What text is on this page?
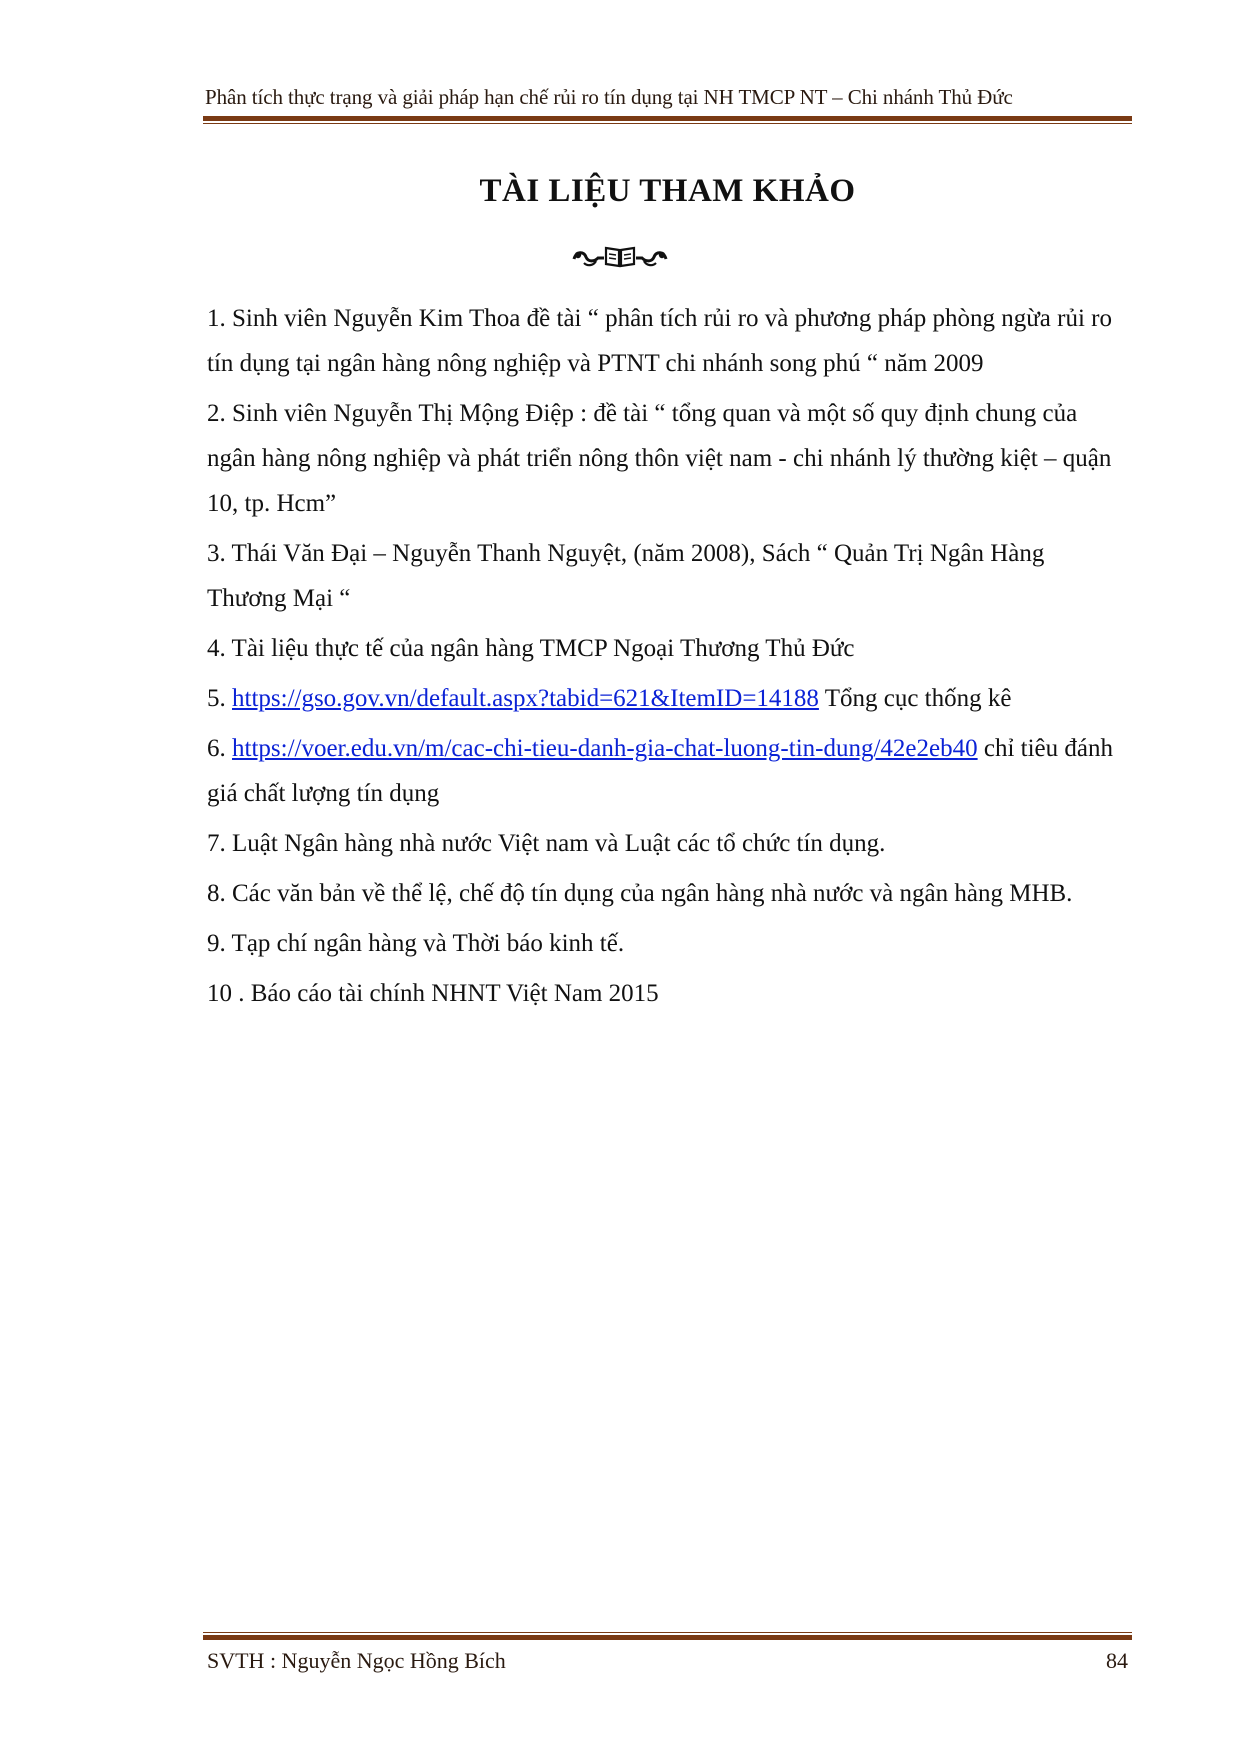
Phân tích thực trạng và giải pháp hạn chế rủi ro tín dụng tại NH TMCP NT – Chi nhánh Thủ Đức
TÀI LIỆU THAM KHẢO

1. Sinh viên Nguyễn Kim Thoa đề tài “ phân tích rủi ro và phương pháp phòng ngừa rủi ro tín dụng tại ngân hàng nông nghiệp và PTNT chi nhánh song phú “ năm 2009

2. Sinh viên Nguyễn Thị Mộng Điệp : đề tài “ tổng quan và một số quy định chung của ngân hàng nông nghiệp và phát triển nông thôn việt nam - chi nhánh lý thường kiệt – quận 10, tp. Hcm”

3. Thái Văn Đại – Nguyễn Thanh Nguyệt, (năm 2008), Sách “ Quản Trị Ngân Hàng Thương Mại “

4. Tài liệu thực tế của ngân hàng TMCP Ngoại Thương Thủ Đức

5. https://gso.gov.vn/default.aspx?tabid=621&ItemID=14188 Tổng cục thống kê

6. https://voer.edu.vn/m/cac-chi-tieu-danh-gia-chat-luong-tin-dung/42e2eb40 chỉ tiêu đánh giá chất lượng tín dụng

7. Luật Ngân hàng nhà nước Việt nam và Luật các tổ chức tín dụng.

8. Các văn bản về thể lệ, chế độ tín dụng của ngân hàng nhà nước và ngân hàng MHB.

9. Tạp chí ngân hàng và Thời báo kinh tế.

10 . Báo cáo tài chính NHNT Việt Nam 2015

SVTH : Nguyễn Ngọc Hồng Bích	84
